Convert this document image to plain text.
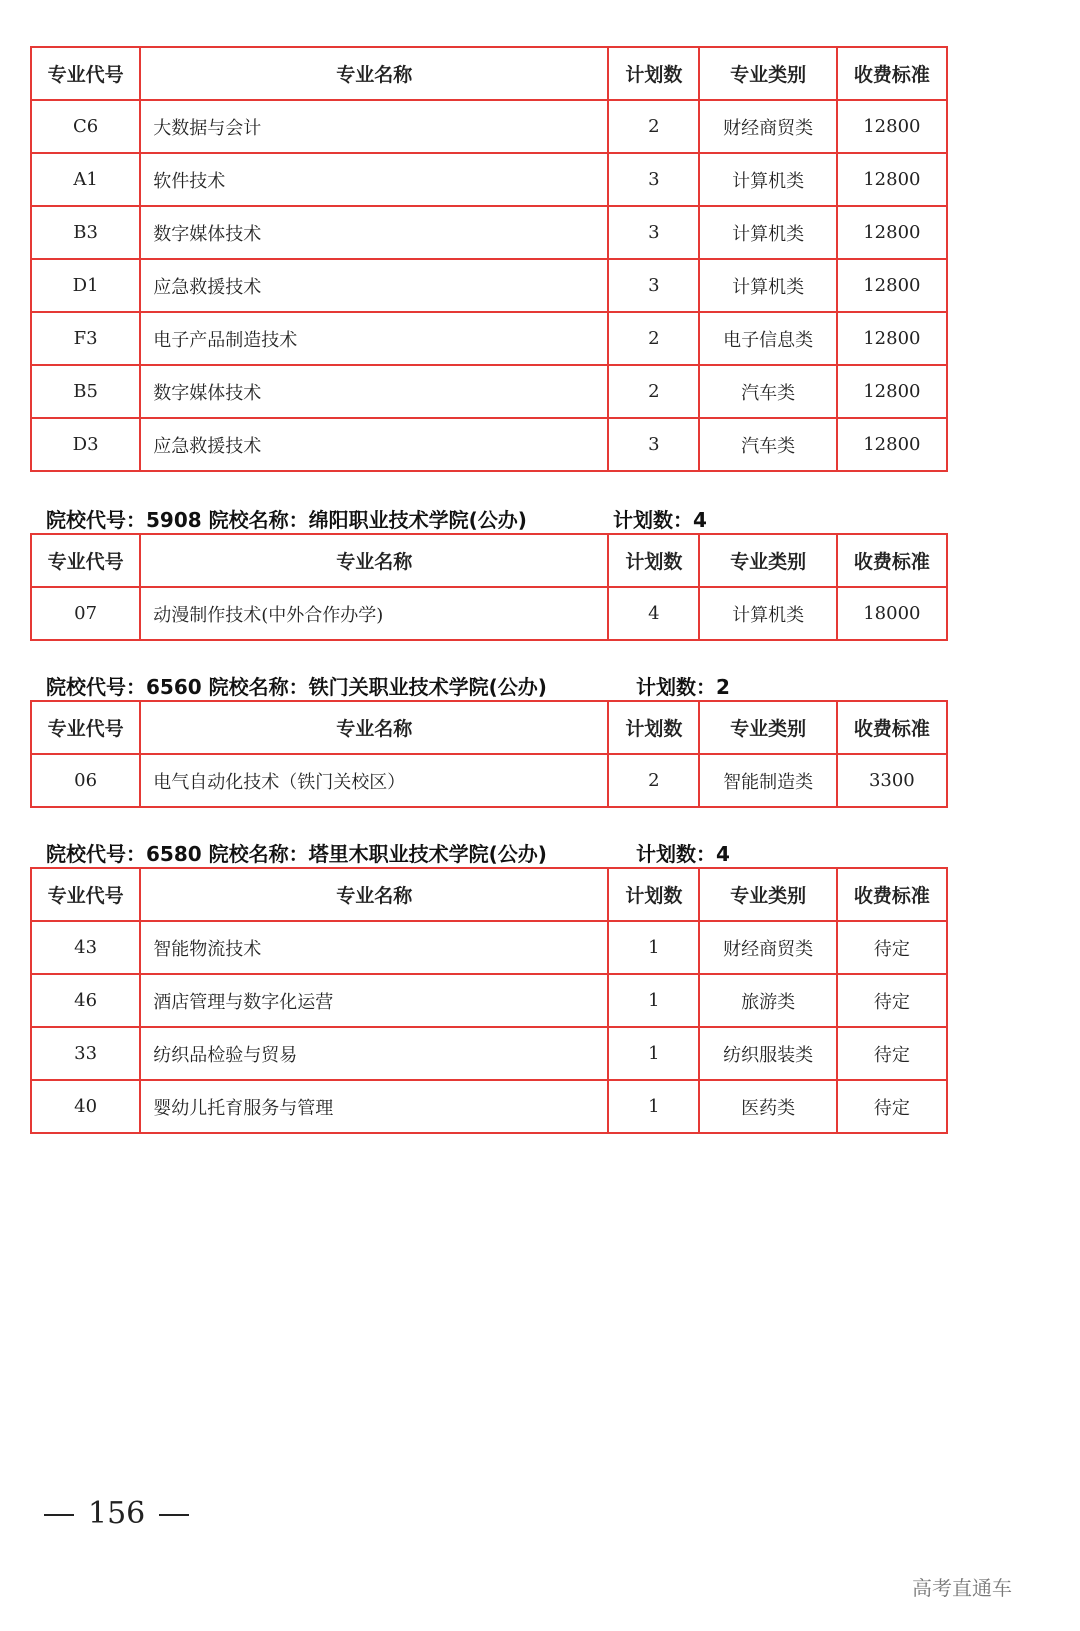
专业代号	专业名称	计划数	专业类别	收费标准
C6	大数据与会计	2	财经商贸类	12800
A1	软件技术	3	计算机类	12800
B3	数字媒体技术	3	计算机类	12800
D1	应急救援技术	3	计算机类	12800
F3	电子产品制造技术	2	电子信息类	12800
B5	数字媒体技术	2	汽车类	12800
D3	应急救援技术	3	汽车类	12800
院校代号：5908 院校名称：绵阳职业技术学院(公办)	计划数：4
专业代号	专业名称	计划数	专业类别	收费标准
07	动漫制作技术(中外合作办学)	4	计算机类	18000
院校代号：6560 院校名称：铁门关职业技术学院(公办)	计划数：2
专业代号	专业名称	计划数	专业类别	收费标准
06	电气自动化技术（铁门关校区）	2	智能制造类	3300
院校代号：6580 院校名称：塔里木职业技术学院(公办)	计划数：4
专业代号	专业名称	计划数	专业类别	收费标准
43	智能物流技术	1	财经商贸类	待定
46	酒店管理与数字化运营	1	旅游类	待定
33	纺织品检验与贸易	1	纺织服装类	待定
40	婴幼儿托育服务与管理	1	医药类	待定
156
高考直通车
